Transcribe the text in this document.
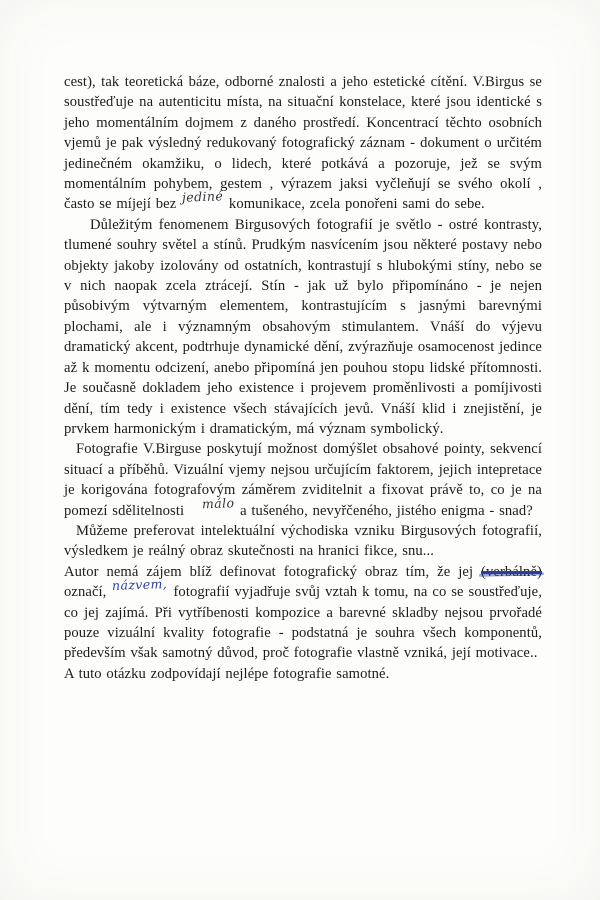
cest), tak teoretická báze, odborné znalosti a jeho estetické cítění. V.Birgus se soustřeďuje na autenticitu místa, na situační konstelace, které jsou identické s jeho momentálním dojmem z daného prostředí. Koncentrací těchto osobních vjemů je pak výsledný redukovaný fotografický záznam - dokument o určitém jedinečném okamžiku, o lidech, které potkává a pozoruje, jež se svým momentálním pohybem, gestem , výrazem jaksi vyčleňují se svého okolí , často se míjejí bez jediné komunikace, zcela ponořeni sami do sebe.

Důležitým fenomenem Birgusových fotografií je světlo - ostré kontrasty, tlumené souhry světel a stínů. Prudkým nasvícením jsou některé postavy nebo objekty jakoby izolovány od ostatních, kontrastují s hlubokými stíny, nebo se v nich naopak zcela ztrácejí. Stín - jak už bylo připomínáno - je nejen působivým výtvarným elementem, kontrastujícím s jasnými barevnými plochami, ale i významným obsahovým stimulantem. Vnáší do výjevu dramatický akcent, podtrhuje dynamické dění, zvýrazňuje osamocenost jedince až k momentu odcizení, anebo připomíná jen pouhou stopu lidské přítomnosti. Je současně dokladem jeho existence i projevem proměnlivosti a pomíjivosti dění, tím tedy i existence všech stávajících jevů. Vnáší klid i znejistění, je prvkem harmonickým i dramatickým, má význam symbolický.

Fotografie V.Birguse poskytují možnost domýšlet obsahové pointy, sekvencí situací a příběhů. Vizuální vjemy nejsou určujícím faktorem, jejich intepretace je korigována fotografovým záměrem zviditelnit a fixovat právě to, co je na pomezí sdělitelnosti málo a tušeného, nevyřčeného, jistého enigma - snad?

Můžeme preferovat intelektuální východiska vzniku Birgusových fotografií, výsledkem je reálný obraz skutečnosti na hranici fikce, snu...

Autor nemá zájem blíž definovat fotografický obraz tím, že jej (verbálně) označí, názvem, fotografií vyjadřuje svůj vztah k tomu, na co se soustřeďuje, co jej zajímá. Při vytříbenosti kompozice a barevné skladby nejsou prvořadé pouze vizuální kvality fotografie - podstatná je souhra všech komponentů, především však samotný důvod, proč fotografie vlastně vzniká, její motivace..

A tuto otázku zodpovídají nejlépe fotografie samotné.
